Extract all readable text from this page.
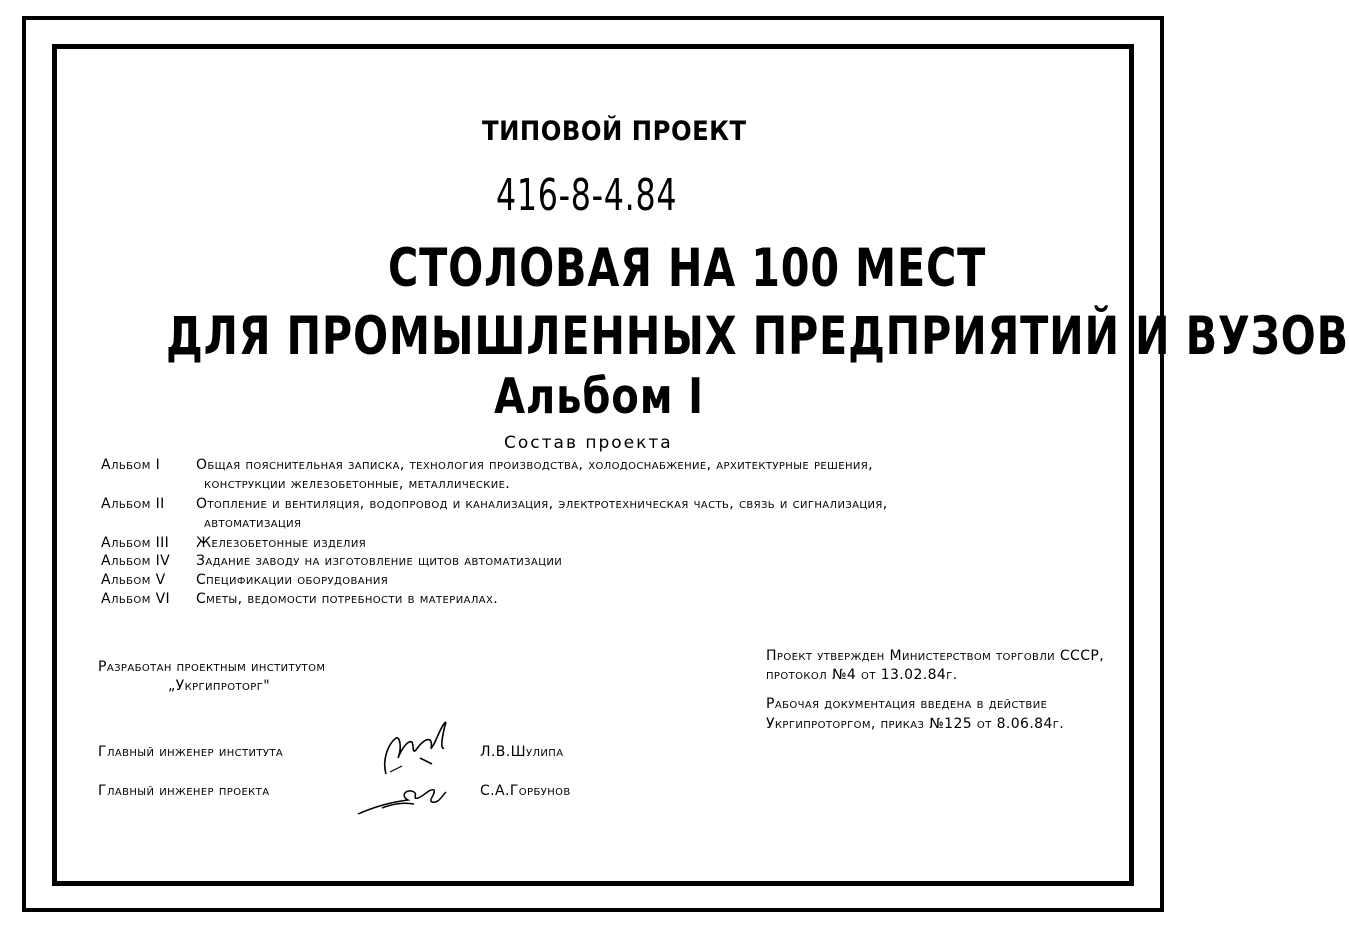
ТИПОВОЙ ПРОЕКТ
416-8-4.84
СТОЛОВАЯ НА 100 МЕСТ
ДЛЯ ПРОМЫШЛЕННЫХ ПРЕДПРИЯТИЙ И ВУЗОВ
Альбом I
Состав проекта
Альбом I	Общая пояснительная записка, технология производства, холодоснабжение, архитектурные решения,
конструкции железобетонные, металлические.
Альбом II Отопление и вентиляция, водопровод и канализация, электротехническая часть, связь и сигнализация,
автоматизация
Альбом III Железобетонные изделия
Альбом IV Задание заводу на изготовление щитов автоматизации
Альбом V Спецификации оборудования
Альбом VI Сметы, ведомости потребности в материалах.
Разработан проектным институтом
„Укргипроторг"
Проект утвержден Министерством торговли СССР,
протокол №4 от 13.02.84г.
Рабочая документация введена в действие
Укргипроторгом, приказ №125 от 8.06.84г.
Главный инженер института	Л.В.Шулипа
Главный инженер проекта	С.А.Горбунов
